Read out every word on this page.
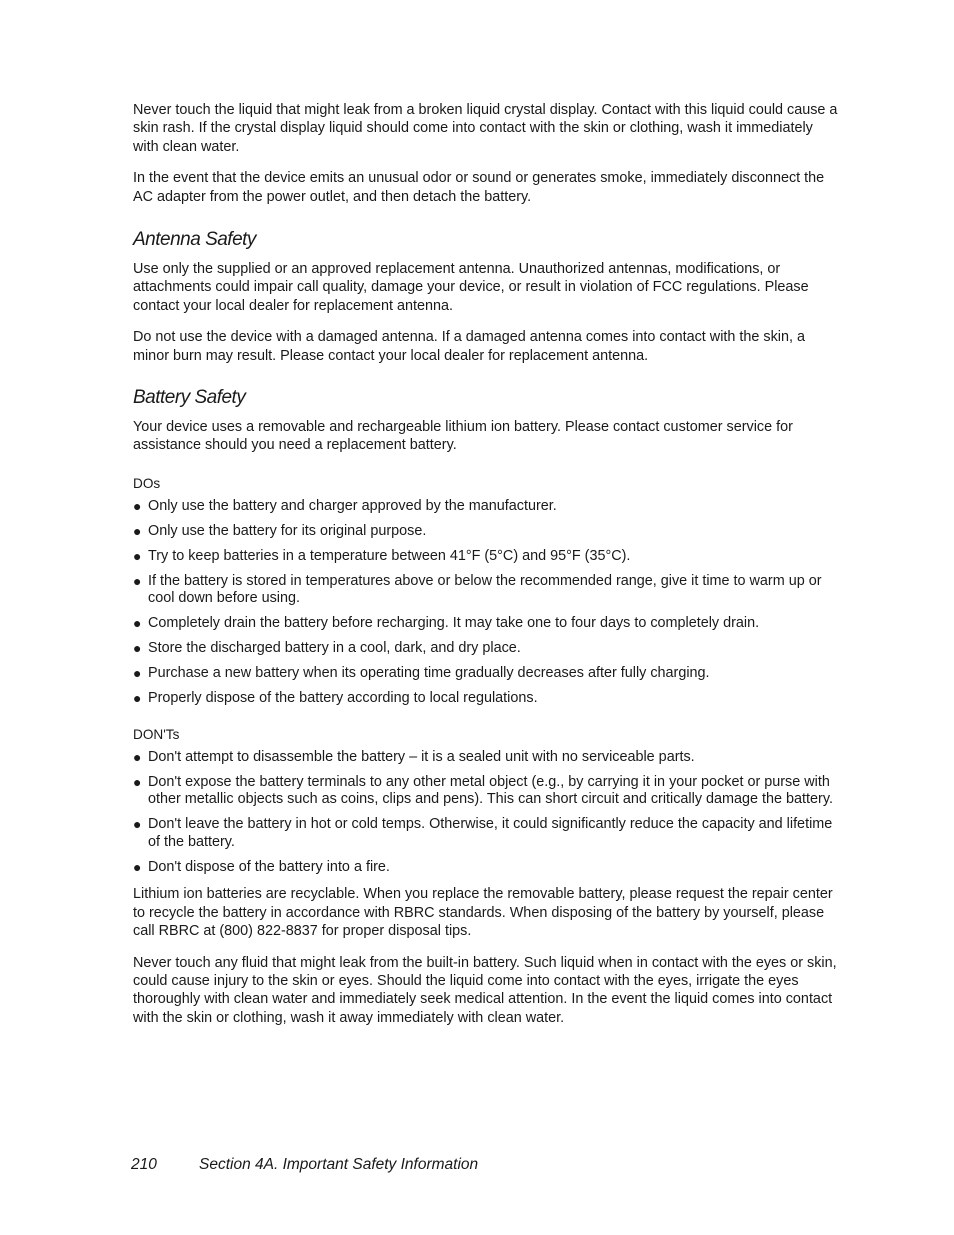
Never touch the liquid that might leak from a broken liquid crystal display. Contact with this liquid could cause a skin rash. If the crystal display liquid should come into contact with the skin or clothing, wash it immediately with clean water.

In the event that the device emits an unusual odor or sound or generates smoke, immediately disconnect the AC adapter from the power outlet, and then detach the battery.

Antenna Safety

Use only the supplied or an approved replacement antenna. Unauthorized antennas, modifications, or attachments could impair call quality, damage your device, or result in violation of FCC regulations. Please contact your local dealer for replacement antenna.

Do not use the device with a damaged antenna. If a damaged antenna comes into contact with the skin, a minor burn may result. Please contact your local dealer for replacement antenna.

Battery Safety

Your device uses a removable and rechargeable lithium ion battery. Please contact customer service for assistance should you need a replacement battery.

DOs
● Only use the battery and charger approved by the manufacturer.
● Only use the battery for its original purpose.
● Try to keep batteries in a temperature between 41°F (5°C) and 95°F (35°C).
● If the battery is stored in temperatures above or below the recommended range, give it time to warm up or cool down before using.
● Completely drain the battery before recharging. It may take one to four days to completely drain.
● Store the discharged battery in a cool, dark, and dry place.
● Purchase a new battery when its operating time gradually decreases after fully charging.
● Properly dispose of the battery according to local regulations.
DON'Ts
● Don't attempt to disassemble the battery – it is a sealed unit with no serviceable parts.
● Don't expose the battery terminals to any other metal object (e.g., by carrying it in your pocket or purse with other metallic objects such as coins, clips and pens). This can short circuit and critically damage the battery.
● Don't leave the battery in hot or cold temps. Otherwise, it could significantly reduce the capacity and lifetime of the battery.
● Don't dispose of the battery into a fire.

Lithium ion batteries are recyclable. When you replace the removable battery, please request the repair center to recycle the battery in accordance with RBRC standards. When disposing of the battery by yourself, please call RBRC at (800) 822-8837 for proper disposal tips.

Never touch any fluid that might leak from the built-in battery. Such liquid when in contact with the eyes or skin, could cause injury to the skin or eyes. Should the liquid come into contact with the eyes, irrigate the eyes thoroughly with clean water and immediately seek medical attention. In the event the liquid comes into contact with the skin or clothing, wash it away immediately with clean water.

210	Section 4A. Important Safety Information
